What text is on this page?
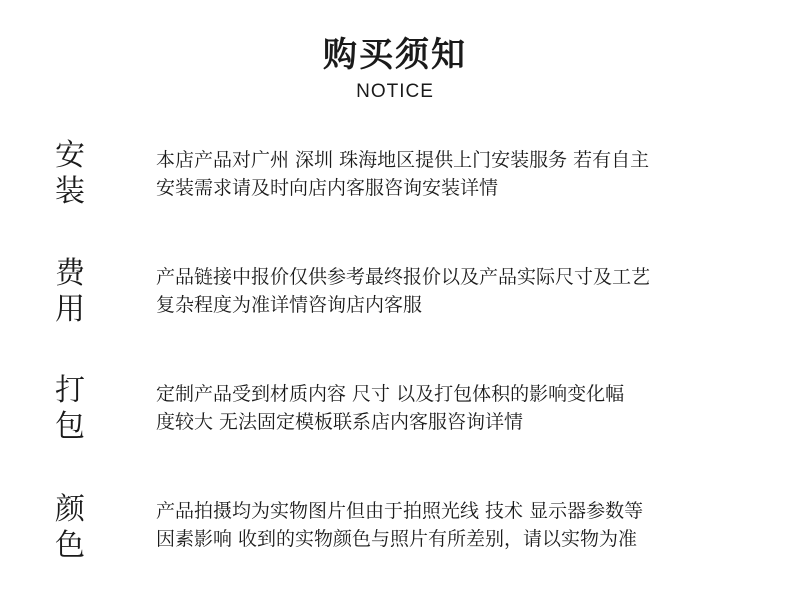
购买须知
NOTICE
安
装
本店产品对广州 深圳 珠海地区提供上门安装服务 若有自主
安装需求请及时向店内客服咨询安装详情
费
用
产品链接中报价仅供参考最终报价以及产品实际尺寸及工艺
复杂程度为准详情咨询店内客服
打
包
定制产品受到材质内容 尺寸 以及打包体积的影响变化幅
度较大 无法固定模板联系店内客服咨询详情
颜
色
产品拍摄均为实物图片但由于拍照光线 技术 显示器参数等
因素影响 收到的实物颜色与照片有所差别，请以实物为准
